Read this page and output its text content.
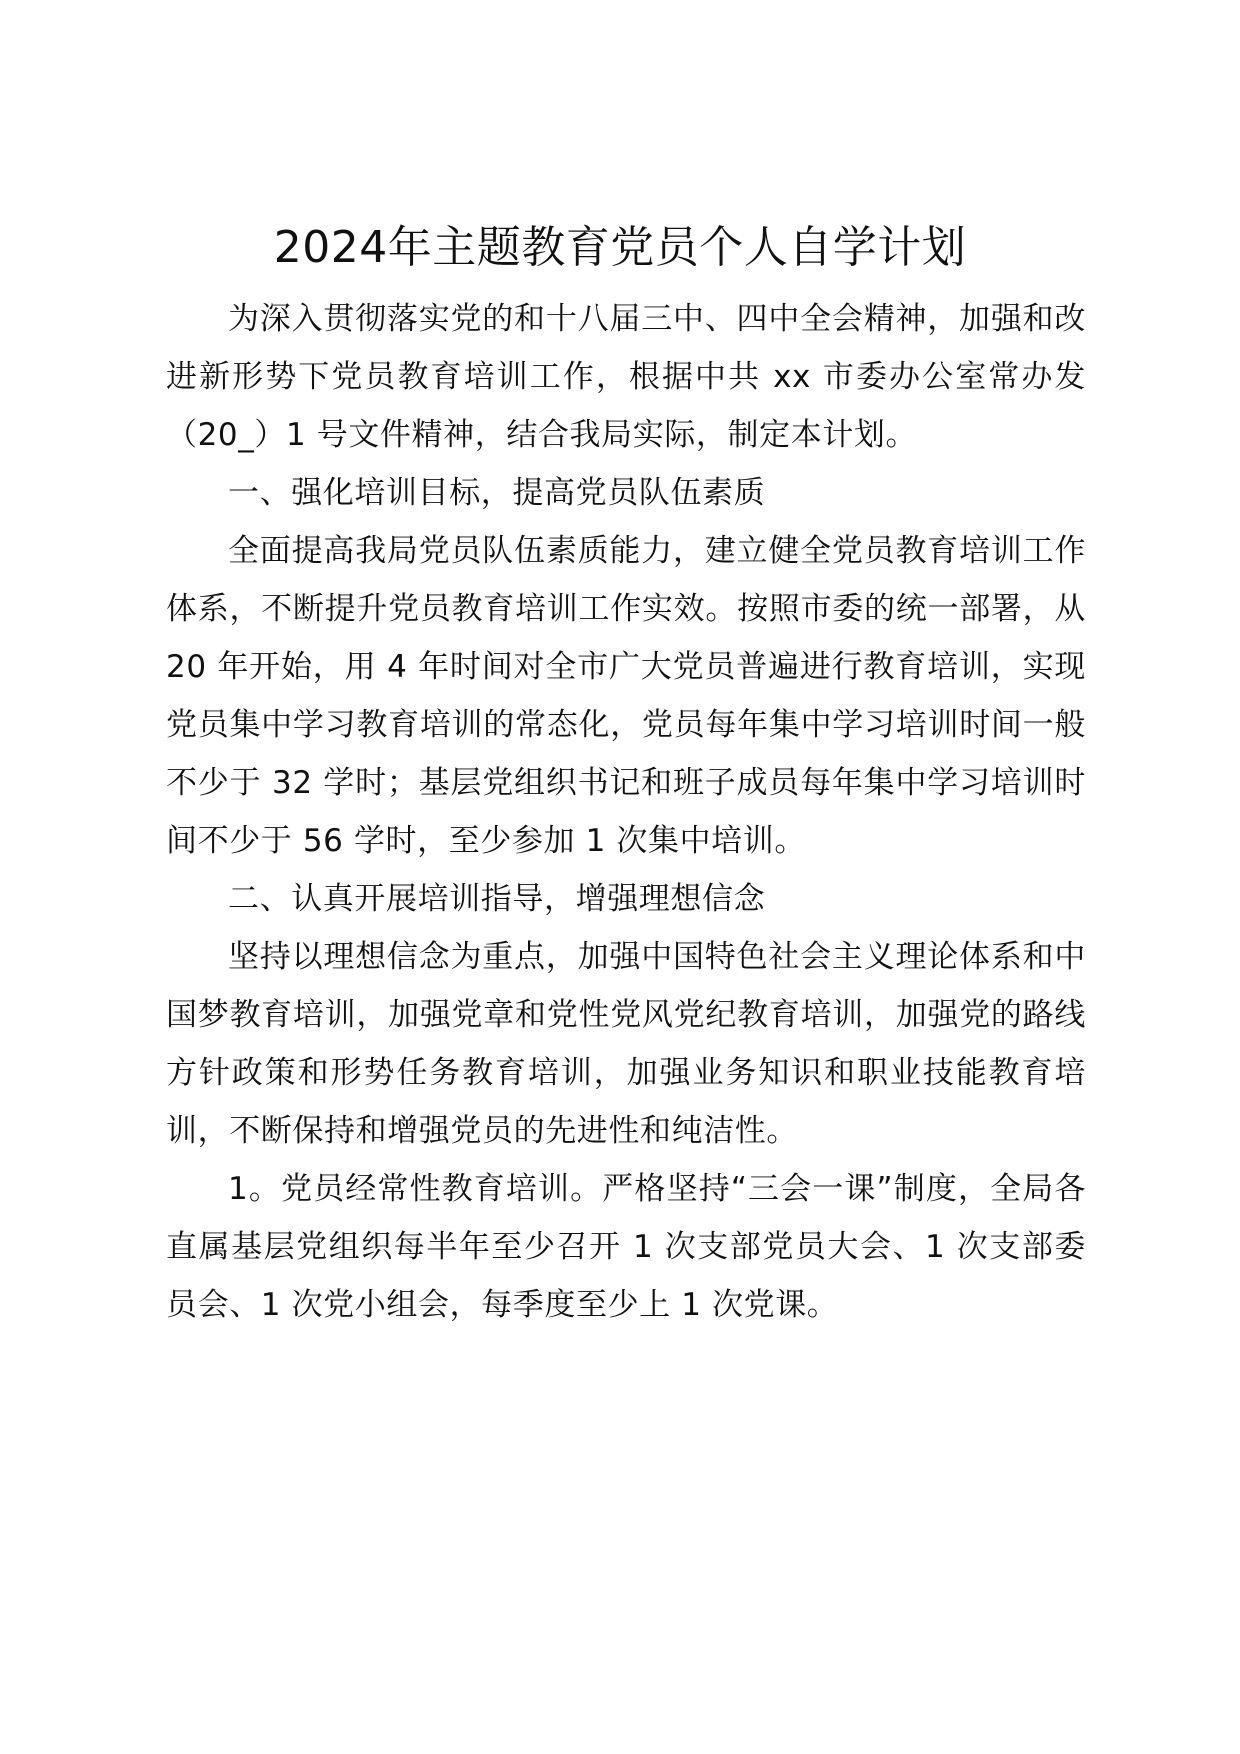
2024年主题教育党员个人自学计划

为深入贯彻落实党的和十八届三中、四中全会精神，加强和改进新形势下党员教育培训工作，根据中共 xx 市委办公室常办发（20_）1 号文件精神，结合我局实际，制定本计划。

一、强化培训目标，提高党员队伍素质

全面提高我局党员队伍素质能力，建立健全党员教育培训工作体系，不断提升党员教育培训工作实效。按照市委的统一部署，从 20 年开始，用 4 年时间对全市广大党员普遍进行教育培训，实现党员集中学习教育培训的常态化，党员每年集中学习培训时间一般不少于 32 学时；基层党组织书记和班子成员每年集中学习培训时间不少于 56 学时，至少参加 1 次集中培训。

二、认真开展培训指导，增强理想信念

坚持以理想信念为重点，加强中国特色社会主义理论体系和中国梦教育培训，加强党章和党性党风党纪教育培训，加强党的路线方针政策和形势任务教育培训，加强业务知识和职业技能教育培训，不断保持和增强党员的先进性和纯洁性。

1。党员经常性教育培训。严格坚持“三会一课”制度，全局各直属基层党组织每半年至少召开 1 次支部党员大会、1 次支部委员会、1 次党小组会，每季度至少上 1 次党课。
